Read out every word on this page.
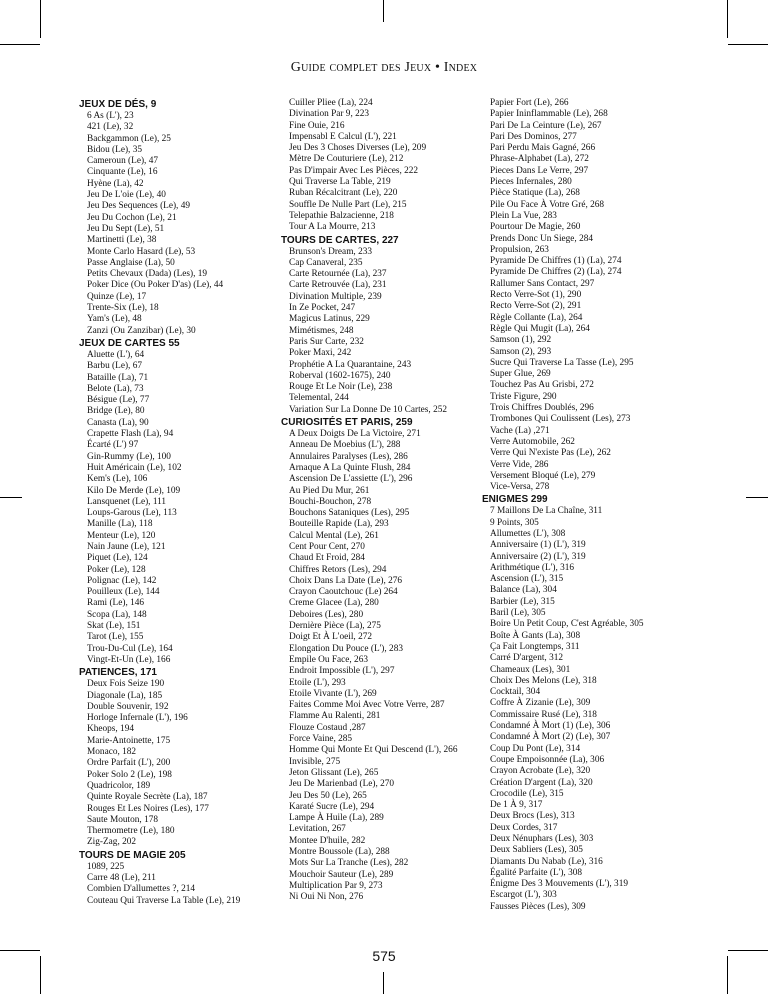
Guide complet des Jeux • Index
JEUX DE DÉS, 9
6 As (L'), 23
421 (Le), 32
Backgammon (Le), 25
Bidou (Le), 35
Cameroun (Le), 47
Cinquante (Le), 16
Hyène (La), 42
Jeu De L'oie (Le), 40
Jeu Des Sequences (Le), 49
Jeu Du Cochon (Le), 21
Jeu Du Sept (Le), 51
Martinetti (Le), 38
Monte Carlo Hasard (Le), 53
Passe Anglaise (La), 50
Petits Chevaux (Dada) (Les), 19
Poker Dice (Ou Poker D'as) (Le), 44
Quinze (Le), 17
Trente-Six (Le), 18
Yam's (Le), 48
Zanzi (Ou Zanzibar) (Le), 30
JEUX DE CARTES 55
Aluette (L'), 64
Barbu (Le), 67
Bataille (La), 71
Belote (La), 73
Bésigue (Le), 77
Bridge (Le), 80
Canasta (La), 90
Crapette Flash (La), 94
Écarté (L') 97
Gin-Rummy (Le), 100
Huit Américain (Le), 102
Kem's (Le), 106
Kilo De Merde (Le), 109
Lansquenet (Le), 111
Loups-Garous (Le), 113
Manille (La), 118
Menteur (Le), 120
Nain Jaune (Le), 121
Piquet (Le), 124
Poker (Le), 128
Polignac (Le), 142
Pouilleux (Le), 144
Rami (Le), 146
Scopa (La), 148
Skat (Le), 151
Tarot (Le), 155
Trou-Du-Cul (Le), 164
Vingt-Et-Un (Le), 166
PATIENCES, 171
Deux Fois Seize 190
Diagonale (La), 185
Double Souvenir, 192
Horloge Infernale (L'), 196
Kheops, 194
Marie-Antoinette, 175
Monaco, 182
Ordre Parfait (L'), 200
Poker Solo 2 (Le), 198
Quadricolor, 189
Quinte Royale Secrète (La), 187
Rouges Et Les Noires (Les), 177
Saute Mouton, 178
Thermometre (Le), 180
Zig-Zag, 202
TOURS DE MAGIE 205
1089, 225
Carre 48 (Le), 211
Combien D'allumettes ?, 214
Couteau Qui Traverse La Table (Le), 219
Cuiller Pliee (La), 224
Divination Par 9, 223
Fine Ouie, 216
Impensabl E Calcul (L'), 221
Jeu Des 3 Choses Diverses (Le), 209
Mètre De Couturiere (Le), 212
Pas D'impair Avec Les Pièces, 222
Qui Traverse La Table, 219
Ruban Récalcitrant (Le), 220
Souffle De Nulle Part (Le), 215
Telepathie Balzacienne, 218
Tour A La Mourre, 213
TOURS DE CARTES, 227
Brunson's Dream, 233
Cap Canaveral, 235
Carte Retournée (La), 237
Carte Retrouvée (La), 231
Divination Multiple, 239
In Ze Pocket, 247
Magicus Latinus, 229
Mimétismes, 248
Paris Sur Carte, 232
Poker Maxi, 242
Prophétie A La Quarantaine, 243
Roberval (1602-1675), 240
Rouge Et Le Noir (Le), 238
Telemental, 244
Variation Sur La Donne De 10 Cartes, 252
CURIOSITÉS ET PARIS, 259
A Deux Doigts De La Victoire, 271
Anneau De Moebius (L'), 288
Annulaires Paralyses (Les), 286
Arnaque A La Quinte Flush, 284
Ascension De L'assiette (L'), 296
Au Pied Du Mur, 261
Bouchi-Bouchon, 278
Bouchons Sataniques (Les), 295
Bouteille Rapide (La), 293
Calcul Mental (Le), 261
Cent Pour Cent, 270
Chaud Et Froid, 284
Chiffres Retors (Les), 294
Choix Dans La Date (Le), 276
Crayon Caoutchouc (Le) 264
Creme Glacee (La), 280
Deboires (Les), 280
Dernière Pièce (La), 275
Doigt Et À L'oeil, 272
Elongation Du Pouce (L'), 283
Empile Ou Face, 263
Endroit Impossible (L'), 297
Etoile (L'), 293
Etoile Vivante (L'), 269
Faites Comme Moi Avec Votre Verre, 287
Flamme Au Ralenti, 281
Flouze Costaud ,287
Force Vaine, 285
Homme Qui Monte Et Qui Descend (L'), 266
Invisible, 275
Jeton Glissant (Le), 265
Jeu De Marienbad (Le), 270
Jeu Des 50 (Le), 265
Karaté Sucre (Le), 294
Lampe À Huile (La), 289
Levitation, 267
Montee D'huile, 282
Montre Boussole (La), 288
Mots Sur La Tranche (Les), 282
Mouchoir Sauteur (Le), 289
Multiplication Par 9, 273
Ni Oui Ni Non, 276
Papier Fort (Le), 266
Papier Ininflammable (Le), 268
Pari De La Ceinture (Le), 267
Pari Des Dominos, 277
Pari Perdu Mais Gagné, 266
Phrase-Alphabet (La), 272
Pieces Dans Le Verre, 297
Pieces Infernales, 280
Pièce Statique (La), 268
Pile Ou Face À Votre Gré, 268
Plein La Vue, 283
Pourtour De Magie, 260
Prends Donc Un Siege, 284
Propulsion, 263
Pyramide De Chiffres (1) (La), 274
Pyramide De Chiffres (2) (La), 274
Rallumer Sans Contact, 297
Recto Verre-Sot (1), 290
Recto Verre-Sot (2), 291
Règle Collante (La), 264
Règle Qui Mugit (La), 264
Samson (1), 292
Samson (2), 293
Sucre Qui Traverse La Tasse (Le), 295
Super Glue, 269
Touchez Pas Au Grisbi, 272
Triste Figure, 290
Trois Chiffres Doublés, 296
Trombones Qui Coulissent (Les), 273
Vache (La) ,271
Verre Automobile, 262
Verre Qui N'existe Pas (Le), 262
Verre Vide, 286
Versement Bloqué (Le), 279
Vice-Versa, 278
ENIGMES 299
7 Maillons De La Chaîne, 311
9 Points, 305
Allumettes (L'), 308
Anniversaire (1) (L'), 319
Anniversaire (2) (L'), 319
Arithmétique (L'), 316
Ascension (L'), 315
Balance (La), 304
Barbier (Le), 315
Baril (Le), 305
Boire Un Petit Coup, C'est Agréable, 305
Boîte À Gants (La), 308
Ça Fait Longtemps, 311
Carré D'argent, 312
Chameaux (Les), 301
Choix Des Melons (Le), 318
Cocktail, 304
Coffre À Zizanie (Le), 309
Commissaire Rusé (Le), 318
Condamné À Mort (1) (Le), 306
Condamné À Mort (2) (Le), 307
Coup Du Pont (Le), 314
Coupe Empoisonnée (La), 306
Crayon Acrobate (Le), 320
Création D'argent (La), 320
Crocodile (Le), 315
De 1 À 9, 317
Deux Brocs (Les), 313
Deux Cordes, 317
Deux Nénuphars (Les), 303
Deux Sabliers (Les), 305
Diamants Du Nabab (Le), 316
Égalité Parfaite (L'), 308
Énigme Des 3 Mouvements (L'), 319
Escargot (L'), 303
Fausses Pièces (Les), 309
575
